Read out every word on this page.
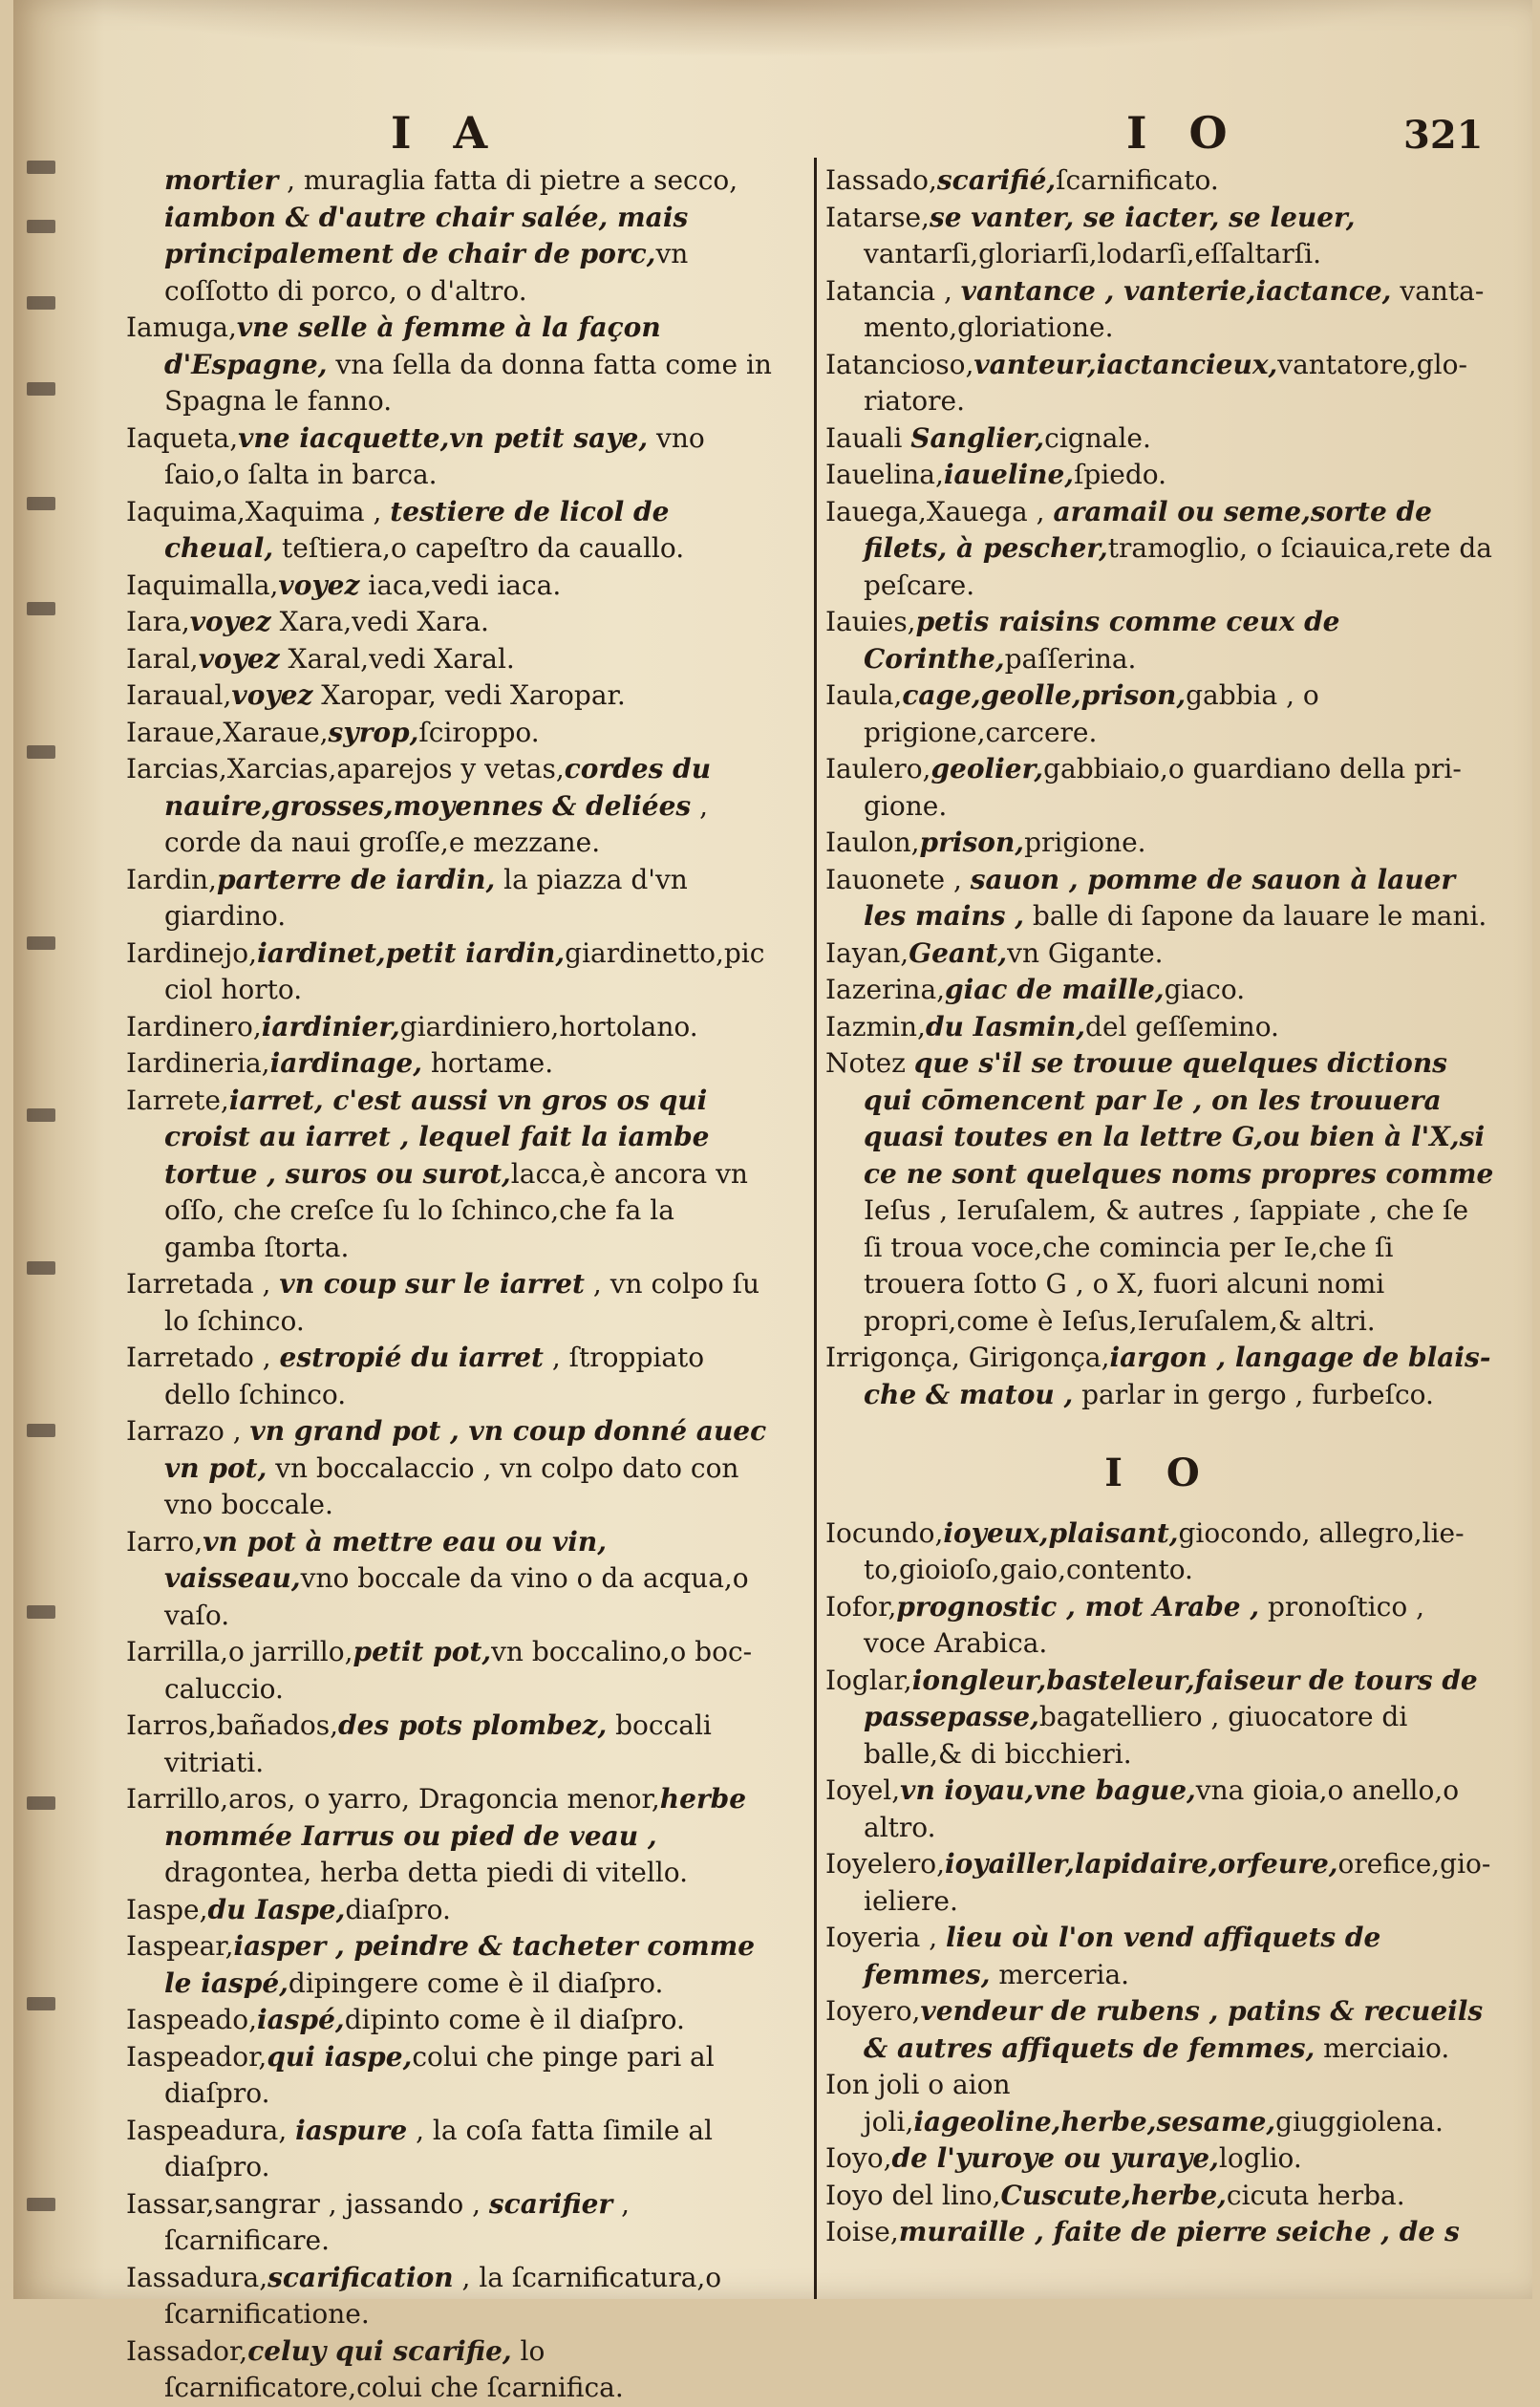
I A	I O	321

mortier , muraglia fatta di pietre a secco, iambon & d'autre chair salée, mais principalement de chair de porc,vn coſſotto di porco, o d'altro.

Iamuga,vne selle à femme à la façon d'Espagne, vna ſella da donna fatta come in Spagna le fanno.

Iaqueta,vne iacquette,vn petit saye, vno ſaio,o ſalta in barca.

Iaquima,Xaquima , testiere de licol de cheual, teſtiera,o capeſtro da cauallo.

Iaquimalla,voyez iaca,vedi iaca.

Iara,voyez Xara,vedi Xara.

Iaral,voyez Xaral,vedi Xaral.

Iaraual,voyez Xaropar, vedi Xaropar.

Iaraue,Xaraue,syrop,ſciroppo.

Iarcias,Xarcias,aparejos y vetas,cordes du nauire,grosses,moyennes & deliées , corde da naui groſſe,e mezzane.

Iardin,parterre de iardin, la piazza d'vn giardino.

Iardinejo,iardinet,petit iardin,giardinetto,pic ciol horto.

Iardinero,iardinier,giardiniero,hortolano.

Iardineria,iardinage, hortame.

Iarrete,iarret, c'est aussi vn gros os qui croist au iarret , lequel fait la iambe tortue , suros ou surot,lacca,è ancora vn oſſo, che creſce ſu lo ſchinco,che fa la gamba ſtorta.

Iarretada , vn coup sur le iarret , vn colpo ſu lo ſchinco.

Iarretado , estropié du iarret , ſtroppiato dello ſchinco.

Iarrazo , vn grand pot , vn coup donné auec vn pot, vn boccalaccio , vn colpo dato con vno boccale.

Iarro,vn pot à mettre eau ou vin, vaisseau,vno boccale da vino o da acqua,o vaſo.

Iarrilla,o jarrillo,petit pot,vn boccalino,o boccaluccio.

Iarros,bañados,des pots plombez, boccali vitriati.

Iarrillo,aros, o yarro, Dragoncia menor,herbe nommée Iarrus ou pied de veau , dragontea, herba detta piedi di vitello.

Iaspe,du Iaspe,diaſpro.

Iaspear,iasper , peindre & tacheter comme le iaspé,dipingere come è il diaſpro.

Iaspeado,iaspé,dipinto come è il diaſpro.

Iaspeador,qui iaspe,colui che pinge pari al diaſpro.

Iaspeadura, iaspure , la coſa fatta ſimile al diaſpro.

Iassar,sangrar , jassando , scarifier , ſcarnificare.

Iassadura,scarification , la ſcarnificatura,o ſcarnificatione.

Iassador,celuy qui scarifie, lo ſcarnificatore,colui che ſcarnifica.

Iassado,scarifié,ſcarnificato.

Iatarse,se vanter, se iacter, se leuer, vantarſi,gloriarſi,lodarſi,eſſaltarſi.

Iatancia , vantance , vanterie,iactance, vantamento,gloriatione.

Iatancioso,vanteur,iactancieux,vantatore,gloriatore.

Iauali Sanglier,cignale.

Iauelina,iaueline,ſpiedo.

Iauega,Xauega , aramail ou seme,sorte de filets, à pescher,tramoglio, o ſciauica,rete da peſcare.

Iauies,petis raisins comme ceux de Corinthe,paſſerina.

Iaula,cage,geolle,prison,gabbia , o prigione,carcere.

Iaulero,geolier,gabbiaio,o guardiano della prigione.

Iaulon,prison,prigione.

Iauonete , sauon , pomme de sauon à lauer les mains , balle di ſapone da lauare le mani.

Iayan,Geant,vn Gigante.

Iazerina,giac de maille,giaco.

Iazmin,du Iasmin,del geſſemino.

Notez que s'il se trouue quelques dictions qui cōmencent par Ie , on les trouuera quasi toutes en la lettre G,ou bien à l'X,si ce ne sont quelques noms propres comme Ieſus , Ieruſalem, & autres , ſappiate , che ſe ſi troua voce,che comincia per Ie,che ſi trouera ſotto G , o X, fuori alcuni nomi propri,come è Ieſus,Ieruſalem,& altri.

Irrigonça, Girigonça,iargon , langage de blaische & matou , parlar in gergo , furbeſco.

I O

Iocundo,ioyeux,plaisant,giocondo, allegro,lieto,gioioſo,gaio,contento.

Iofor,prognostic , mot Arabe , pronoſtico , voce Arabica.

Ioglar,iongleur,basteleur,faiseur de tours de passepasse,bagatelliero , giuocatore di balle,& di bicchieri.

Ioyel,vn ioyau,vne bague,vna gioia,o anello,o altro.

Ioyelero,ioyailler,lapidaire,orfeure,orefice,gioieliere.

Ioyeria , lieu où l'on vend affiquets de femmes, merceria.

Ioyero,vendeur de rubens , patins & recueils & autres affiquets de femmes, merciaio.

Ion joli o aion joli,iageoline,herbe,sesame,giuggiolena.

Ioyo,de l'yuroye ou yuraye,loglio.

Ioyo del lino,Cuscute,herbe,cicuta herba.

Ioise,muraille , faite de pierre seiche , de s
